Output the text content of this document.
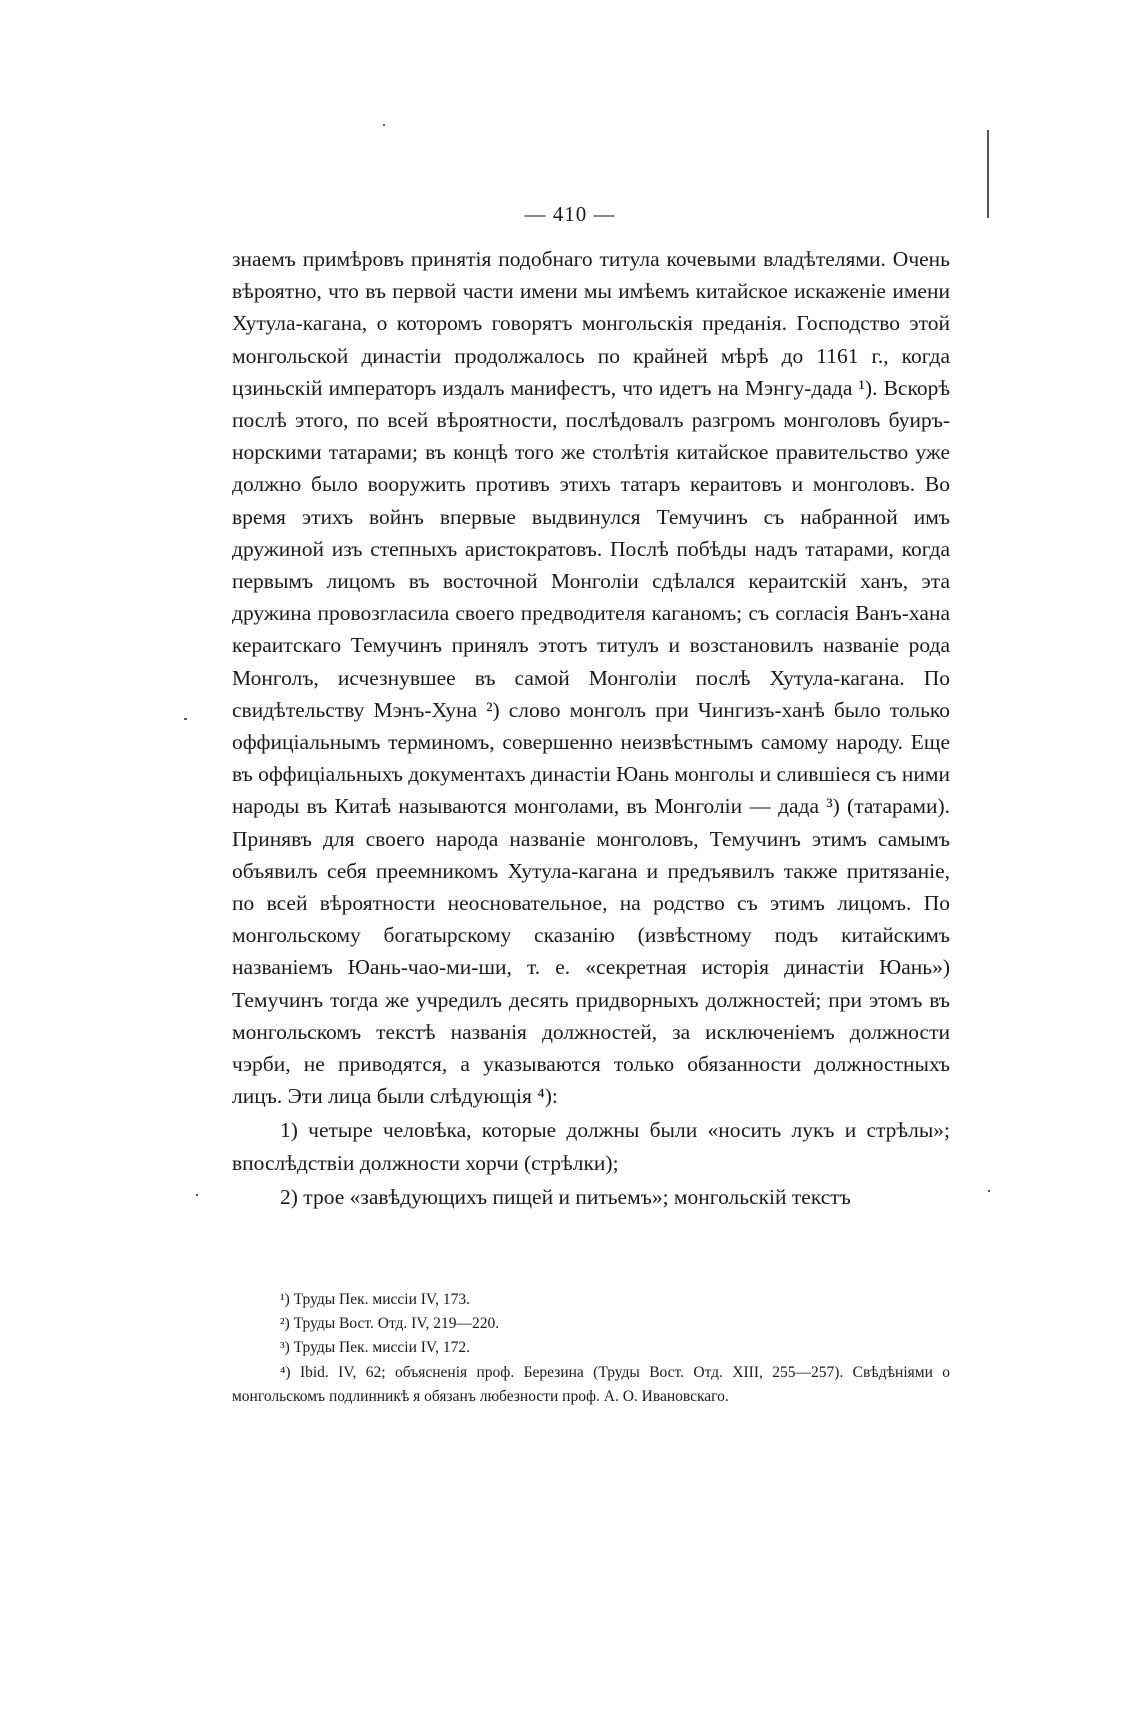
— 410 —

знаемъ примѣровъ принятія подобнаго титула кочевыми владѣтелями. Очень вѣроятно, что въ первой части имени мы имѣемъ китайское искаженіе имени Хутула-кагана, о которомъ говорятъ монгольскія преданія. Господство этой монгольской династіи продолжалось по крайней мѣрѣ до 1161 г., когда цзиньскій императоръ издалъ манифестъ, что идетъ на Мэнгу-дада ¹). Вскорѣ послѣ этого, по всей вѣроятности, послѣдовалъ разгромъ монголовъ буиръ-норскими татарами; въ концѣ того же столѣтія китайское правительство уже должно было вооружить противъ этихъ татаръ кераитовъ и монголовъ. Во время этихъ войнъ впервые выдвинулся Темучинъ съ набранной имъ дружиной изъ степныхъ аристократовъ. Послѣ побѣды надъ татарами, когда первымъ лицомъ въ восточной Монголіи сдѣлался кераитскій ханъ, эта дружина провозгласила своего предводителя каганомъ; съ согласія Ванъ-хана кераитскаго Темучинъ принялъ этотъ титулъ и возстановилъ названіе рода Монголъ, исчезнувшее въ самой Монголіи послѣ Хутула-кагана. По свидѣтельству Мэнъ-Хуна ²) слово монголъ при Чингизъ-ханѣ было только оффиціальнымъ терминомъ, совершенно неизвѣстнымъ самому народу. Еще въ оффиціальныхъ документахъ династіи Юань монголы и слившіеся съ ними народы въ Китаѣ называются монголами, въ Монголіи — дада ³) (татарами). Принявъ для своего народа названіе монголовъ, Темучинъ этимъ самымъ объявилъ себя преемникомъ Хутула-кагана и предъявилъ также притязаніе, по всей вѣроятности неосновательное, на родство съ этимъ лицомъ. По монгольскому богатырскому сказанію (извѣстному подъ китайскимъ названіемъ Юань-чао-ми-ши, т. е. «секретная исторія династіи Юань») Темучинъ тогда же учредилъ десять придворныхъ должностей; при этомъ въ монгольскомъ текстѣ названія должностей, за исключеніемъ должности чэрби, не приводятся, а указываются только обязанности должностныхъ лицъ. Эти лица были слѣдующія ⁴):

1) четыре человѣка, которые должны были «носить лукъ и стрѣлы»; впослѣдствіи должности хорчи (стрѣлки);

2) трое «завѣдующихъ пищей и питьемъ»; монгольскій текстъ

¹) Труды Пек. миссіи IV, 173.

²) Труды Вост. Отд. IV, 219—220.

³) Труды Пек. миссіи IV, 172.

⁴) Ibid. IV, 62; объясненія проф. Березина (Труды Вост. Отд. XIII, 255—257). Свѣдѣніями о монгольскомъ подлинникѣ я обязанъ любезности проф. А. О. Ивановскаго.
